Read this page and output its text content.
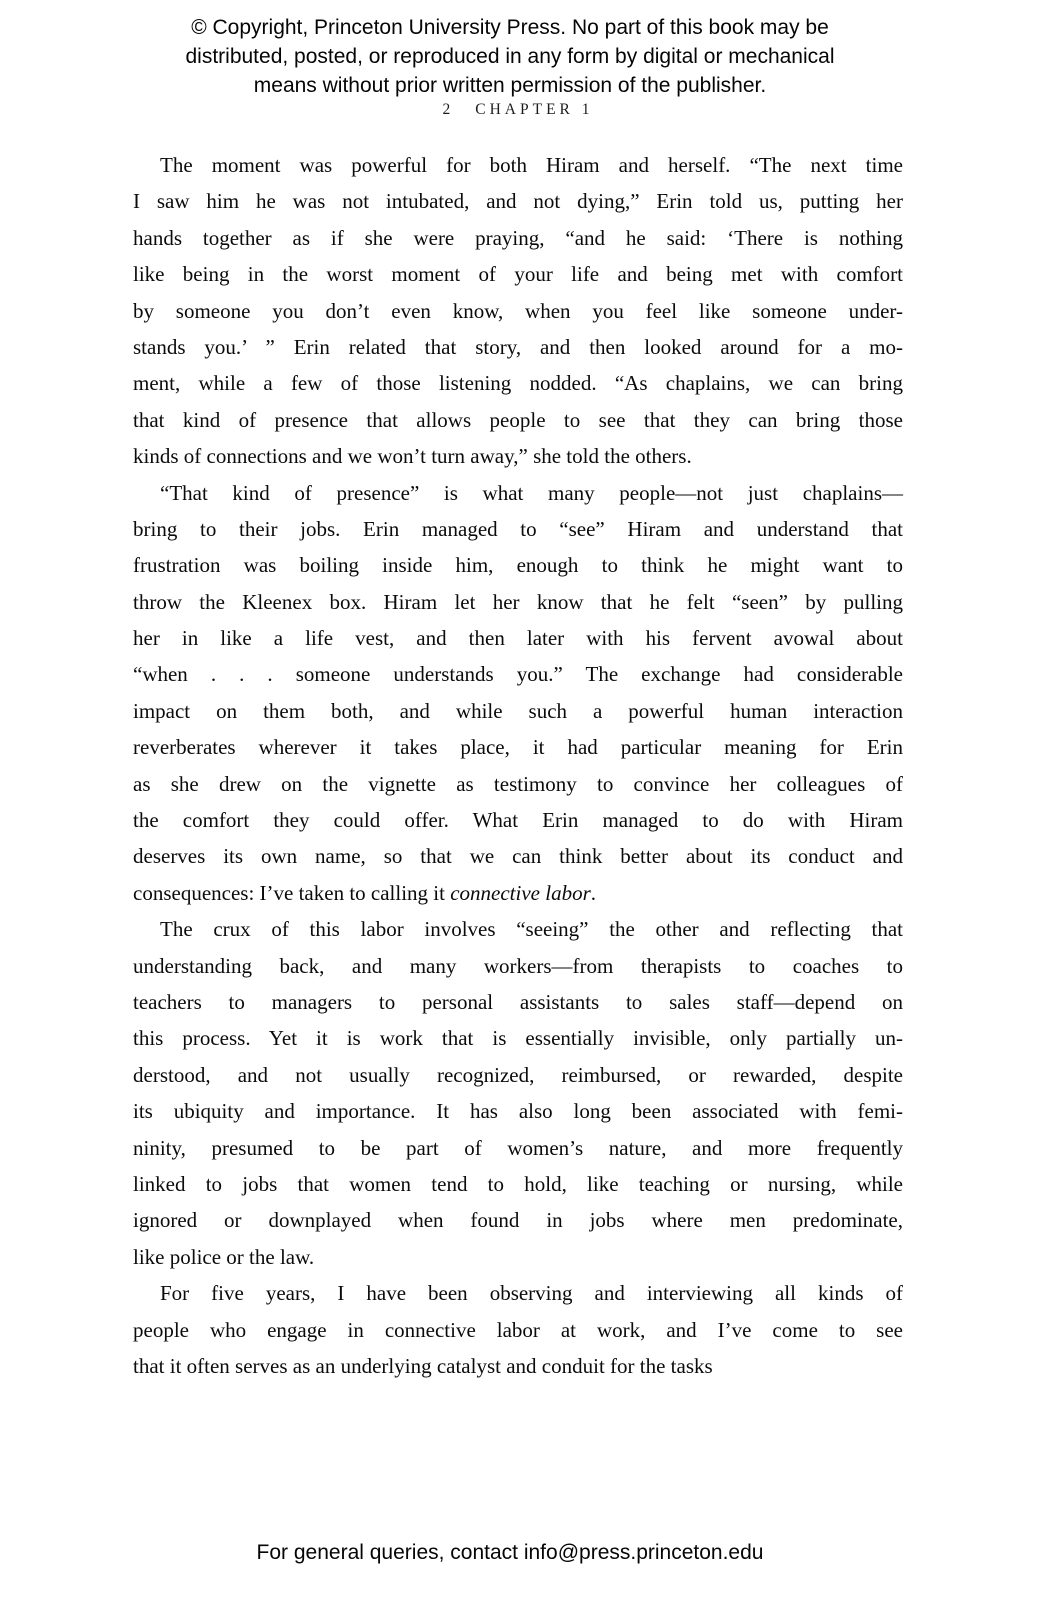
© Copyright, Princeton University Press. No part of this book may be
distributed, posted, or reproduced in any form by digital or mechanical
means without prior written permission of the publisher.
2 CHAPTER 1
The moment was powerful for both Hiram and herself. “The next time
I saw him he was not intubated, and not dying,” Erin told us, putting her
hands together as if she were praying, “and he said: ‘There is nothing
like being in the worst moment of your life and being met with comfort
by someone you don’t even know, when you feel like someone under-
stands you.’ ” Erin related that story, and then looked around for a mo-
ment, while a few of those listening nodded. “As chaplains, we can bring
that kind of presence that allows people to see that they can bring those
kinds of connections and we won’t turn away,” she told the others.
“That kind of presence” is what many people—not just chaplains—
bring to their jobs. Erin managed to “see” Hiram and understand that
frustration was boiling inside him, enough to think he might want to
throw the Kleenex box. Hiram let her know that he felt “seen” by pulling
her in like a life vest, and then later with his fervent avowal about
“when . . . someone understands you.” The exchange had considerable
impact on them both, and while such a powerful human interaction
reverberates wherever it takes place, it had particular meaning for Erin
as she drew on the vignette as testimony to convince her colleagues of
the comfort they could offer. What Erin managed to do with Hiram
deserves its own name, so that we can think better about its conduct and
consequences: I’ve taken to calling it connective labor.
The crux of this labor involves “seeing” the other and reflecting that
understanding back, and many workers—from therapists to coaches to
teachers to managers to personal assistants to sales staff—depend on
this process. Yet it is work that is essentially invisible, only partially un-
derstood, and not usually recognized, reimbursed, or rewarded, despite
its ubiquity and importance. It has also long been associated with femi-
ninity, presumed to be part of women’s nature, and more frequently
linked to jobs that women tend to hold, like teaching or nursing, while
ignored or downplayed when found in jobs where men predominate,
like police or the law.
For five years, I have been observing and interviewing all kinds of
people who engage in connective labor at work, and I’ve come to see
that it often serves as an underlying catalyst and conduit for the tasks
For general queries, contact info@press.princeton.edu
